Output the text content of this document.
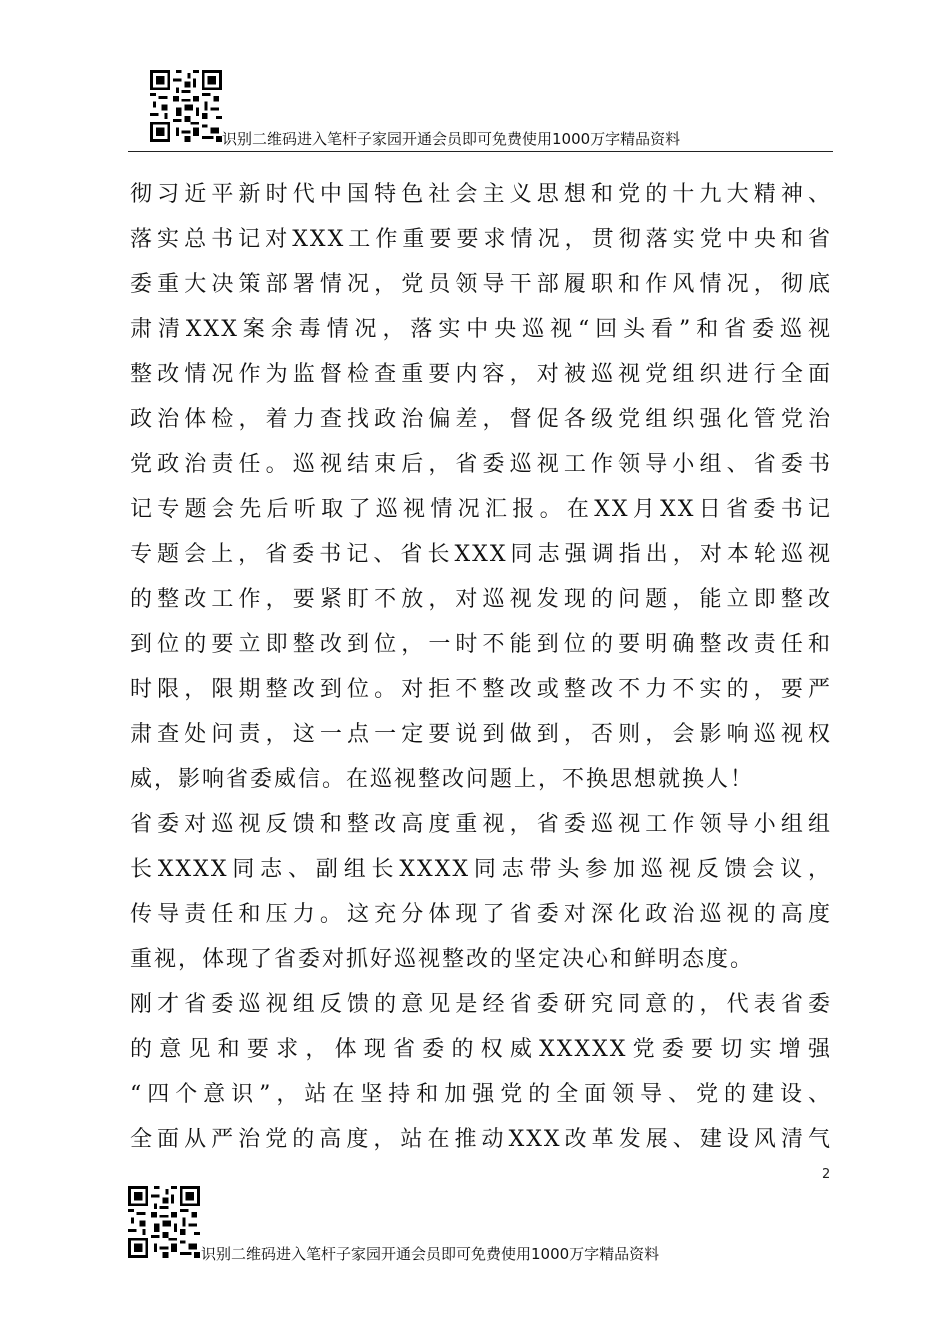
识别二维码进入笔杆子家园开通会员即可免费使用1000万字精品资料
彻习近平新时代中国特色社会主义思想和党的十九大精神、
落实总书记对XXX工作重要要求情况，贯彻落实党中央和省
委重大决策部署情况，党员领导干部履职和作风情况，彻底
肃清XXX案余毒情况，落实中央巡视“回头看”和省委巡视
整改情况作为监督检查重要内容，对被巡视党组织进行全面
政治体检，着力查找政治偏差，督促各级党组织强化管党治
党政治责任。巡视结束后，省委巡视工作领导小组、省委书
记专题会先后听取了巡视情况汇报。在XX月XX日省委书记
专题会上，省委书记、省长XXX同志强调指出，对本轮巡视
的整改工作，要紧盯不放，对巡视发现的问题，能立即整改
到位的要立即整改到位，一时不能到位的要明确整改责任和
时限，限期整改到位。对拒不整改或整改不力不实的，要严
肃查处问责，这一点一定要说到做到，否则，会影响巡视权
威，影响省委威信。在巡视整改问题上，不换思想就换人！
省委对巡视反馈和整改高度重视，省委巡视工作领导小组组
长XXXX同志、副组长XXXX同志带头参加巡视反馈会议，
传导责任和压力。这充分体现了省委对深化政治巡视的高度
重视，体现了省委对抓好巡视整改的坚定决心和鲜明态度。
刚才省委巡视组反馈的意见是经省委研究同意的，代表省委
的意见和要求，体现省委的权威XXXXX党委要切实增强
“四个意识”，站在坚持和加强党的全面领导、党的建设、
全面从严治党的高度，站在推动XXX改革发展、建设风清气
2
识别二维码进入笔杆子家园开通会员即可免费使用1000万字精品资料
